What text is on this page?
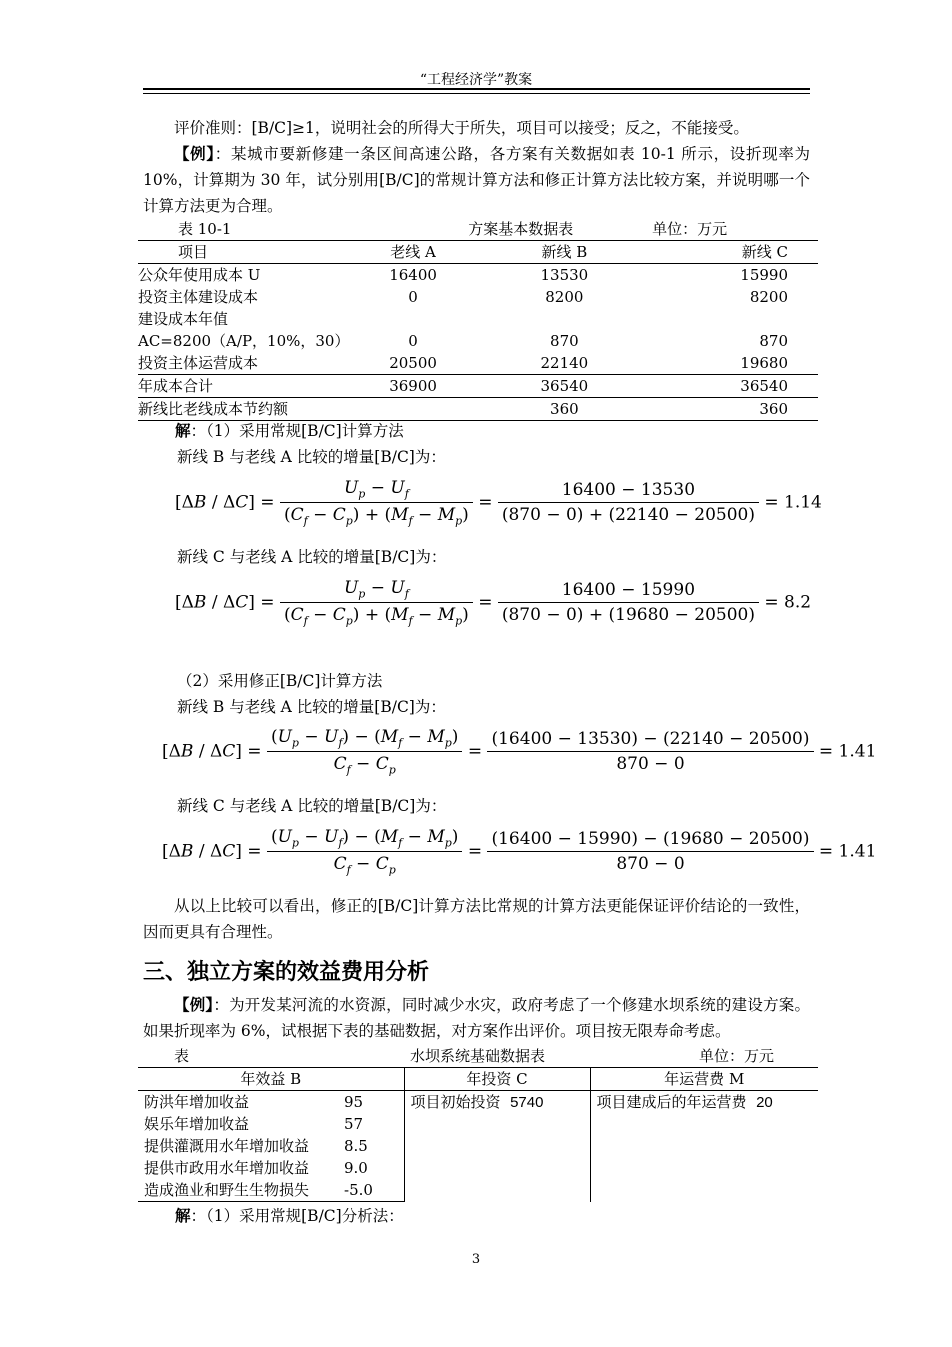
“工程经济学”教案
评价准则：[B/C]≥1，说明社会的所得大于所失，项目可以接受；反之，不能接受。
【例】：某城市要新修建一条区间高速公路，各方案有关数据如表 10-1 所示，设折现率为 10%，计算期为 30 年，试分别用[B/C]的常规计算方法和修正计算方法比较方案，并说明哪一个计算方法更为合理。
表 10-1	方案基本数据表		单位：万元
项目	老线 A	新线 B	新线 C
公众年使用成本 U	16400	13530	15990
投资主体建设成本	0	8200	8200
建设成本年值			
AC=8200（A/P，10%，30）	0	870	870
投资主体运营成本	20500	22140	19680
年成本合计	36900	36540	36540
新线比老线成本节约额		360	360
解：（1）采用常规[B/C]计算方法
新线 B 与老线 A 比较的增量[B/C]为：
$[\Delta B / \Delta C] = \frac{U_p - U_f}{(C_f - C_p) + (M_f - M_p)} = \frac{16400 - 13530}{(870 - 0) + (22140 - 20500)} = 1.14$
新线 C 与老线 A 比较的增量[B/C]为：
$[\Delta B / \Delta C] = \frac{U_p - U_f}{(C_f - C_p) + (M_f - M_p)} = \frac{16400 - 15990}{(870 - 0) + (19680 - 20500)} = 8.2$
（2）采用修正[B/C]计算方法
新线 B 与老线 A 比较的增量[B/C]为：
$[\Delta B / \Delta C] = \frac{(U_p - U_f) - (M_f - M_p)}{C_f - C_p} = \frac{(16400 - 13530) - (22140 - 20500)}{870 - 0} = 1.41$
新线 C 与老线 A 比较的增量[B/C]为：
$[\Delta B / \Delta C] = \frac{(U_p - U_f) - (M_f - M_p)}{C_f - C_p} = \frac{(16400 - 15990) - (19680 - 20500)}{870 - 0} = 1.41$
从以上比较可以看出，修正的[B/C]计算方法比常规的计算方法更能保证评价结论的一致性，因而更具有合理性。
三、独立方案的效益费用分析
【例】：为开发某河流的水资源，同时减少水灾，政府考虑了一个修建水坝系统的建设方案。如果折现率为 6%，试根据下表的基础数据，对方案作出评价。项目按无限寿命考虑。
表		水坝系统基础数据表	单位：万元
年效益 B		年投资 C	年运营费 M
防洪年增加收益	95	项目初始投资 5740	项目建成后的年运营费 20
娱乐年增加收益	57		
提供灌溉用水年增加收益	8.5		
提供市政用水年增加收益	9.0		
造成渔业和野生生物损失	-5.0		
解：（1）采用常规[B/C]分析法：
3
